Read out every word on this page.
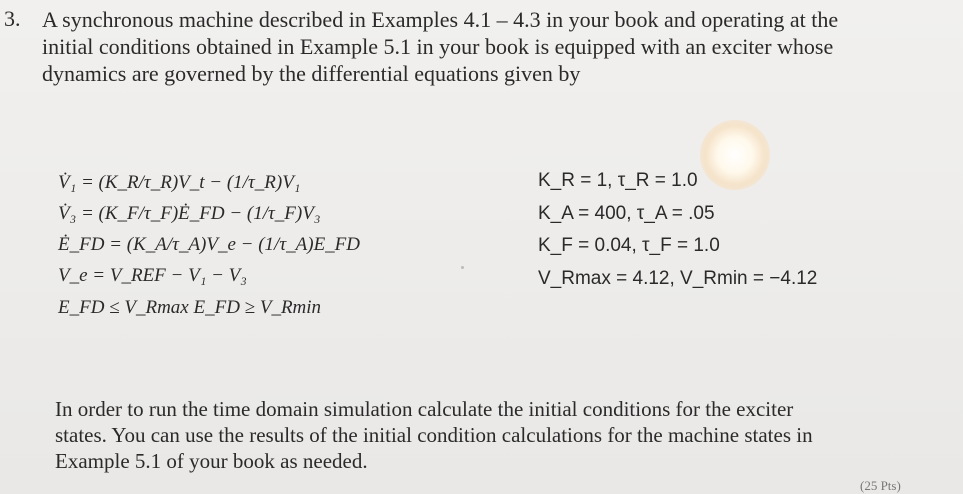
3. A synchronous machine described in Examples 4.1 – 4.3 in your book and operating at the
initial conditions obtained in Example 5.1 in your book is equipped with an exciter whose
dynamics are governed by the differential equations given by
V̇₁ = (K_R/τ_R)V_t − (1/τ_R)V₁
V̇₃ = (K_F/τ_F)Ė_FD − (1/τ_F)V₃
Ė_FD = (K_A/τ_A)V_e − (1/τ_A)E_FD
V_e = V_REF − V₁ − V₃
E_FD ≤ V_Rmax E_FD ≥ V_Rmin
K_R = 1, τ_R = 1.0
K_A = 400, τ_A = .05
K_F = 0.04, τ_F = 1.0
V_Rmax = 4.12, V_Rmin = −4.12
In order to run the time domain simulation calculate the initial conditions for the exciter
states. You can use the results of the initial condition calculations for the machine states in
Example 5.1 of your book as needed.
(25 Pts)
